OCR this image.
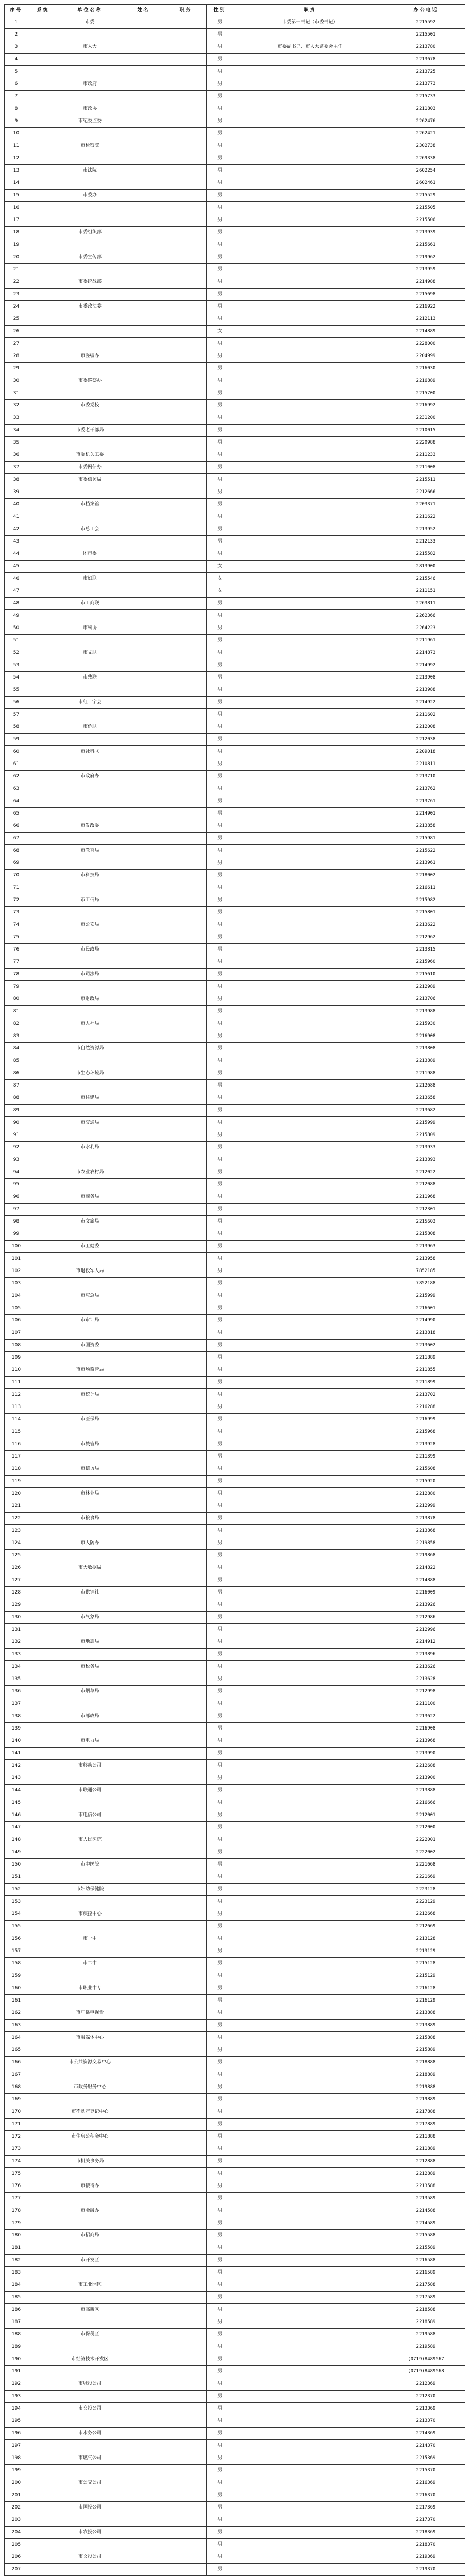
序号	系统	单位名称	姓名	职务	性别	职责	办公电话
1		市委			男	市委第一书记（市委书记）	2215592
2					男		2215501
3		市人大			男	市委副书记、市人大常委会主任	2213780
4					男		2213678
5					男		2213725
6		市政府			男		2213773
7					男		2215733
8		市政协			男		2211803
9		市纪委监委			男		2262476
10					男		2262421
11		市检察院			男		2302738
12					男		2269338
13		市法院			男		2602254
14					男		2602461
15		市委办			男		2215529
16					男		2215505
17					男		2215506
18		市委组织部			男		2213939
19					男		2215661
20		市委宣传部			男		2219962
21					男		2213959
22		市委统战部			男		2214988
23					男		2215698
24		市委政法委			男		2216922
25					男		2212113
26					女		2214889
27					男		2228000
28		市委编办			男		2204999
29					男		2216030
30		市委巡察办			男		2216889
31					男		2215700
32		市委党校			男		2216992
33					男		2231200
34		市委老干部局			男		2210015
35					男		2220988
36		市委机关工委			男		2211233
37		市委网信办			男		2211008
38		市委信访局			男		2215511
39					男		2212666
40		市档案馆			男		2203371
41					男		2211622
42		市总工会			男		2213952
43					男		2212133
44		团市委			男		2215582
45					女		2813900
46		市妇联			女		2215546
47					女		2211151
48		市工商联			男		2263811
49					男		2262366
50		市科协			男		2264223
51					男		2211961
52		市文联			男		2214873
53					男		2214992
54		市残联			男		2213908
55					男		2213988
56		市红十字会			男		2214922
57					男		2211602
58		市侨联			男		2212008
59					男		2212038
60		市社科联			男		2209018
61					男		2210811
62		市政府办			男		2213710
63					男		2213762
64					男		2213761
65					男		2214901
66		市发改委			男		2213858
67					男		2215981
68		市教育局			男		2215622
69					男		2213961
70		市科技局			男		2218002
71					男		2216611
72		市工信局			男		2215982
73					男		2215801
74		市公安局			男		2213622
75					男		2212962
76		市民政局			男		2213815
77					男		2215960
78		市司法局			男		2215610
79					男		2212989
80		市财政局			男		2213706
81					男		2213988
82		市人社局			男		2215930
83					男		2216908
84		市自然资源局			男		2213808
85					男		2213889
86		市生态环境局			男		2211988
87					男		2212688
88		市住建局			男		2213658
89					男		2213682
90		市交通局			男		2215999
91					男		2215809
92		市水利局			男		2213933
93					男		2213893
94		市农业农村局			男		2212022
95					男		2212088
96		市商务局			男		2211968
97					男		2212301
98		市文旅局			男		2215603
99					男		2215808
100		市卫健委			男		2213963
101					男		2213958
102		市退役军人局			男		7852185
103					男		7852188
104		市应急局			男		2215999
105					男		2216601
106		市审计局			男		2214990
107					男		2213818
108		市国资委			男		2213602
109					男		2211889
110		市市场监管局			男		2211855
111					男		2211899
112		市统计局			男		2213702
113					男		2216288
114		市医保局			男		2216999
115					男		2215968
116		市城管局			男		2213928
117					男		2211399
118		市信访局			男		2215608
119					男		2215920
120		市林业局			男		2212880
121					男		2212999
122		市粮食局			男		2213878
123					男		2213868
124		市人防办			男		2219858
125					男		2219868
126		市大数据局			男		2214822
127					男		2214888
128		市供销社			男		2216009
129					男		2213926
130		市气象局			男		2212986
131					男		2212996
132		市地震局			男		2214912
133					男		2213896
134		市税务局			男		2213626
135					男		2213628
136		市烟草局			男		2212998
137					男		2211100
138		市邮政局			男		2213622
139					男		2216908
140		市电力局			男		2213968
141					男		2213990
142		市移动公司			男		2212688
143					男		2213900
144		市联通公司			男		2213888
145					男		2216666
146		市电信公司			男		2212001
147					男		2212000
148		市人民医院			男		2222001
149					男		2222002
150		市中医院			男		2221668
151					男		2221669
152		市妇幼保健院			男		2223128
153					男		2223129
154		市疾控中心			男		2212668
155					男		2212669
156		市一中			男		2213128
157					男		2213129
158		市二中			男		2215128
159					男		2215129
160		市职业中专			男		2216128
161					男		2216129
162		市广播电视台			男		2213888
163					男		2213889
164		市融媒体中心			男		2215888
165					男		2215889
166		市公共资源交易中心			男		2218888
167					男		2218889
168		市政务服务中心			男		2219888
169					男		2219889
170		市不动产登记中心			男		2217888
171					男		2217889
172		市住房公积金中心			男		2211888
173					男		2211889
174		市机关事务局			男		2212888
175					男		2212889
176		市接待办			男		2213588
177					男		2213589
178		市金融办			男		2214588
179					男		2214589
180		市招商局			男		2215588
181					男		2215589
182		市开发区			男		2216588
183					男		2216589
184		市工业园区			男		2217588
185					男		2217589
186		市高新区			男		2218588
187					男		2218589
188		市保税区			男		2219588
189					男		2219589
190		市经济技术开发区			男		(0719)8489567
191					男		(0719)8489568
192		市城投公司			男		2212369
193					男		2212370
194		市交投公司			男		2213369
195					男		2213370
196		市水务公司			男		2214369
197					男		2214370
198		市燃气公司			男		2215369
199					男		2215370
200		市公交公司			男		2216369
201					男		2216370
202		市国投公司			男		2217369
203					男		2217370
204		市农投公司			男		2218369
205					男		2218370
206		市文投公司			男		2219369
207					男		2219370
